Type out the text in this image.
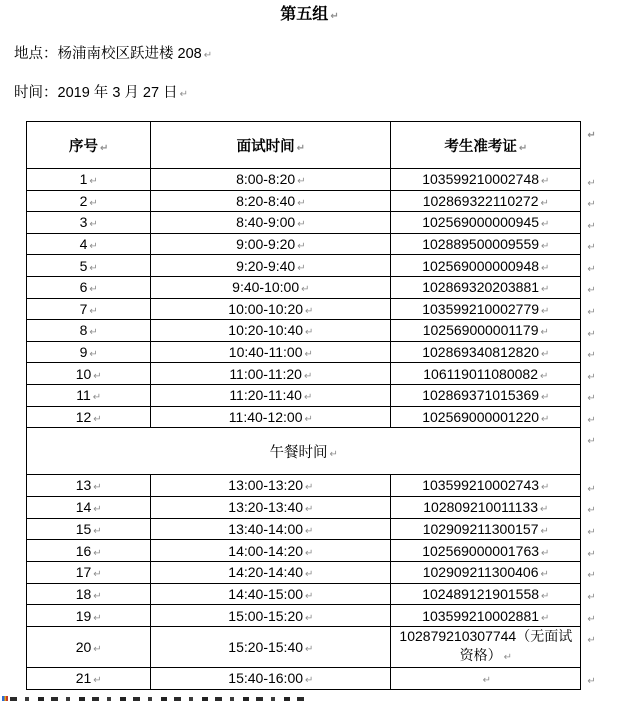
第五组 ↵
地点：杨浦南校区跃进楼 208 ↵
时间：2019 年 3 月 27 日 ↵
序号 ↵	面试时间 ↵	考生准考证 ↵	↵
1 ↵	8:00-8:20 ↵	103599210002748 ↵	↵
2 ↵	8:20-8:40 ↵	102869322110272 ↵	↵
3 ↵	8:40-9:00 ↵	102569000000945 ↵	↵
4 ↵	9:00-9:20 ↵	102889500009559 ↵	↵
5 ↵	9:20-9:40 ↵	102569000000948 ↵	↵
6 ↵	9:40-10:00 ↵	102869320203881 ↵	↵
7 ↵	10:00-10:20 ↵	103599210002779 ↵	↵
8 ↵	10:20-10:40 ↵	102569000001179 ↵	↵
9 ↵	10:40-11:00 ↵	102869340812820 ↵	↵
10 ↵	11:00-11:20 ↵	106119011080082 ↵	↵
11 ↵	11:20-11:40 ↵	102869371015369 ↵	↵
12 ↵	11:40-12:00 ↵	102569000001220 ↵	↵
午餐时间 ↵			↵
13 ↵	13:00-13:20 ↵	103599210002743 ↵	↵
14 ↵	13:20-13:40 ↵	102809210011133 ↵	↵
15 ↵	13:40-14:00 ↵	102909211300157 ↵	↵
16 ↵	14:00-14:20 ↵	102569000001763 ↵	↵
17 ↵	14:20-14:40 ↵	102909211300406 ↵	↵
18 ↵	14:40-15:00 ↵	102489121901558 ↵	↵
19 ↵	15:00-15:20 ↵	103599210002881 ↵	↵
20 ↵	15:20-15:40 ↵	102879210307744（无面试资格） ↵	↵
21 ↵	15:40-16:00 ↵	↵	↵
